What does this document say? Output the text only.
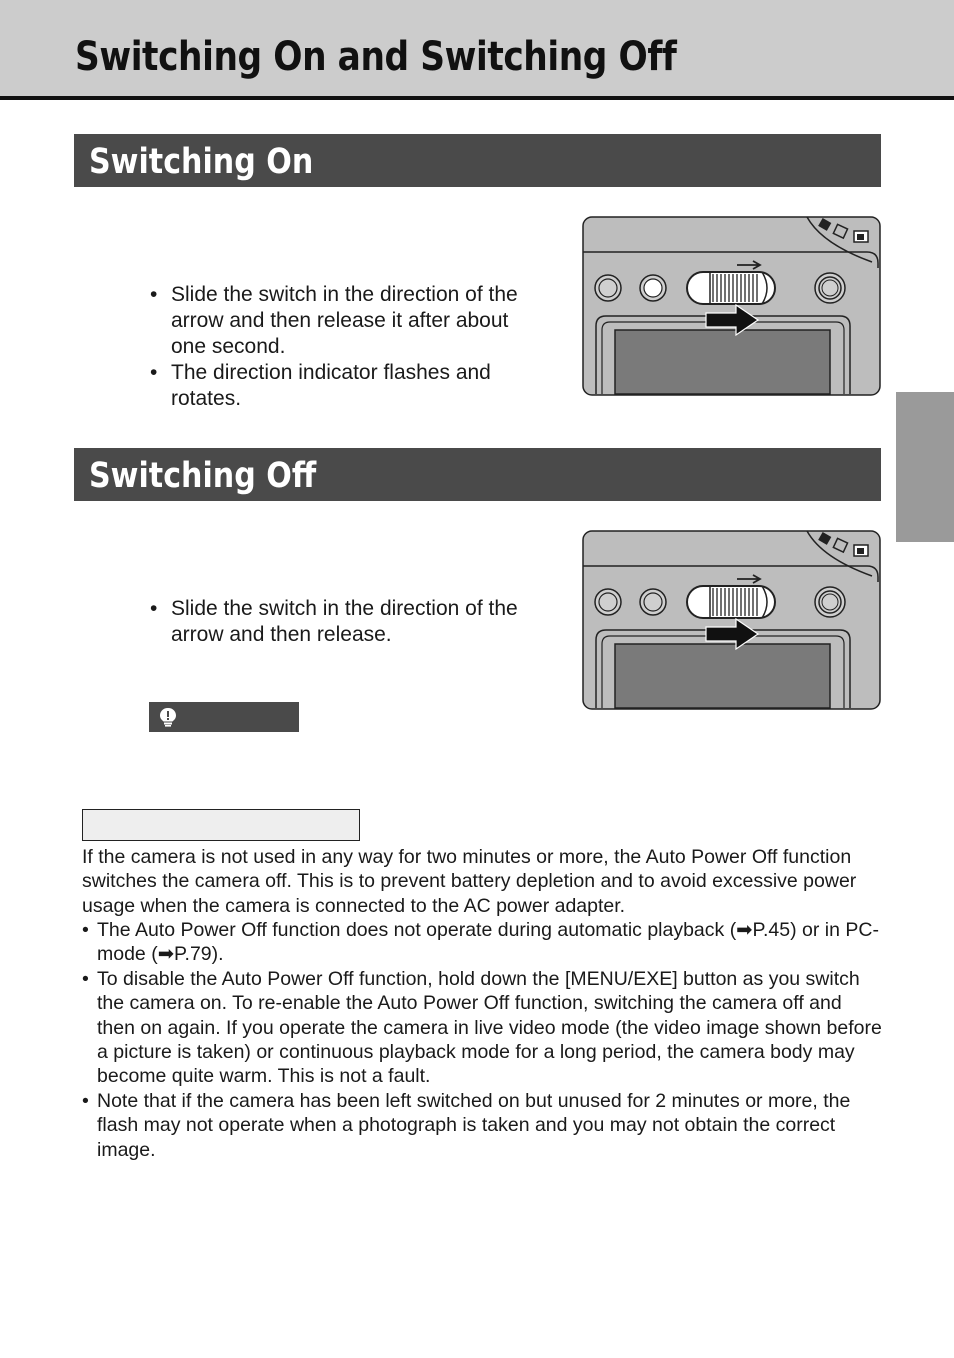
Switching On and Switching Off
Switching On
• Slide the switch in the direction of the arrow and then release it after about one second.
• The direction indicator flashes and rotates.
Switching Off
• Slide the switch in the direction of the arrow and then release.

If the camera is not used in any way for two minutes or more, the Auto Power Off function switches the camera off. This is to prevent battery depletion and to avoid excessive power usage when the camera is connected to the AC power adapter.

• The Auto Power Off function does not operate during automatic playback (➡P.45) or in PC-mode (➡P.79).
• To disable the Auto Power Off function, hold down the [MENU/EXE] button as you switch the camera on. To re-enable the Auto Power Off function, switching the camera off and then on again. If you operate the camera in live video mode (the video image shown before a picture is taken) or continuous playback mode for a long period, the camera body may become quite warm. This is not a fault.
• Note that if the camera has been left switched on but unused for 2 minutes or more, the flash may not operate when a photograph is taken and you may not obtain the correct image.
